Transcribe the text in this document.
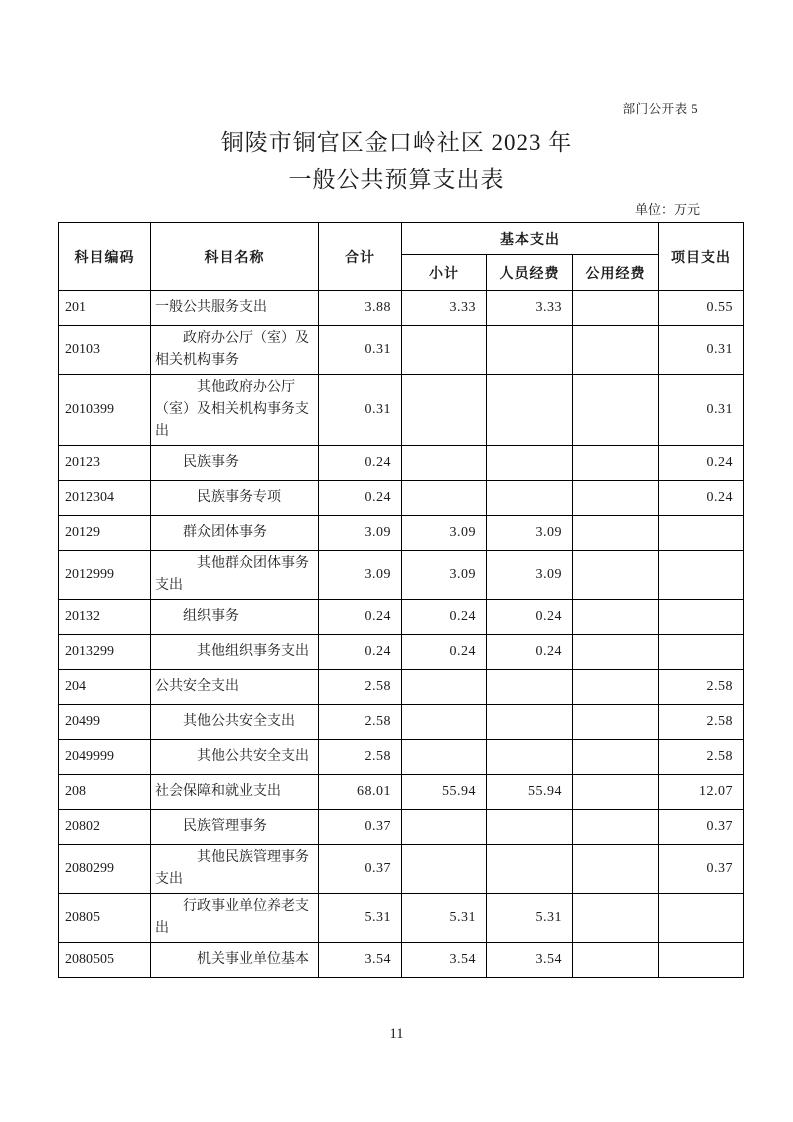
部门公开表 5
铜陵市铜官区金口岭社区 2023 年
一般公共预算支出表
单位：万元
科目编码	科目名称	合计	基本支出			项目支出
			小计	人员经费	公用经费	
201	一般公共服务支出	3.88	3.33	3.33		0.55
20103	政府办公厅（室）及相关机构事务	0.31				0.31
2010399	其他政府办公厅（室）及相关机构事务支出	0.31				0.31
20123	民族事务	0.24				0.24
2012304	民族事务专项	0.24				0.24
20129	群众团体事务	3.09	3.09	3.09		
2012999	其他群众团体事务支出	3.09	3.09	3.09		
20132	组织事务	0.24	0.24	0.24		
2013299	其他组织事务支出	0.24	0.24	0.24		
204	公共安全支出	2.58				2.58
20499	其他公共安全支出	2.58				2.58
2049999	其他公共安全支出	2.58				2.58
208	社会保障和就业支出	68.01	55.94	55.94		12.07
20802	民族管理事务	0.37				0.37
2080299	其他民族管理事务支出	0.37				0.37
20805	行政事业单位养老支出	5.31	5.31	5.31		
2080505	机关事业单位基本	3.54	3.54	3.54		
11
